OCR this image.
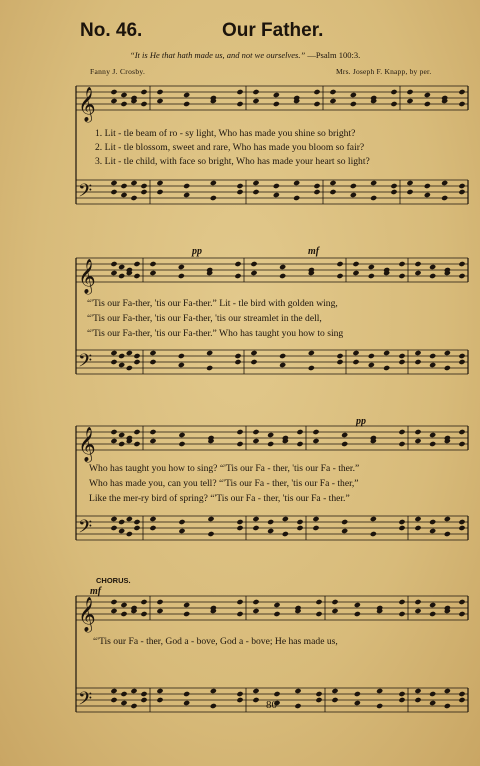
No. 46.	Our Father.
“It is He that hath made us, and not we ourselves.” —Psalm 100:3.
Fanny J. Crosby.	Mrs. Joseph F. Knapp, by per.
𝄞
𝄢
𝄞
𝄢
𝄞
𝄢
𝄞
𝄢
1. Lit - tle beam of ro - sy light, Who has made you shine so bright?
2. Lit - tle blossom, sweet and rare, Who has made you bloom so fair?
3. Lit - tle child, with face so bright, Who has made your heart so light?
pp	mf
“'Tis our Fa-ther, 'tis our Fa-ther.” Lit - tle bird with golden wing,
“'Tis our Fa-ther, 'tis our Fa-ther, 'tis our streamlet in the dell,
“'Tis our Fa-ther, 'tis our Fa-ther.” Who has taught you how to sing
pp
Who has taught you how to sing? “'Tis our Fa - ther, 'tis our Fa - ther.”
Who has made you, can you tell? “'Tis our Fa - ther, 'tis our Fa - ther,”
Like the mer-ry bird of spring? “'Tis our Fa - ther, 'tis our Fa - ther.”
CHORUS.
mf
“'Tis our Fa - ther, God a - bove, God a - bove; He has made us,
80
